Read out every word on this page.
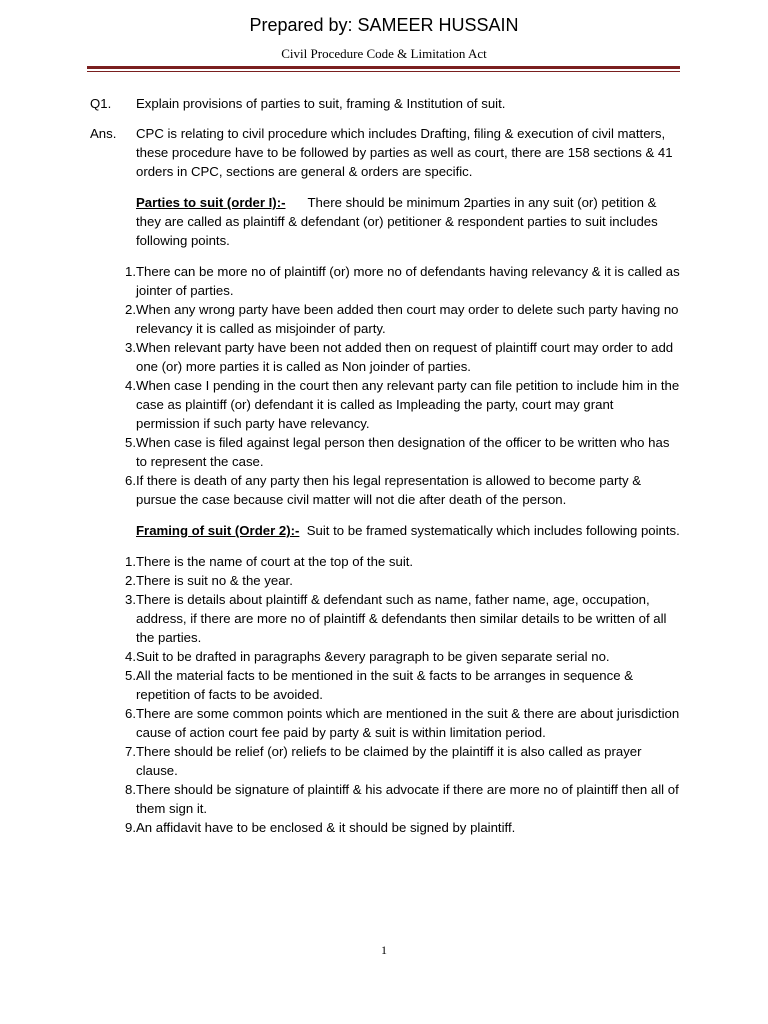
Prepared by: SAMEER HUSSAIN
Civil Procedure Code & Limitation Act
Q1.	Explain provisions of parties to suit, framing & Institution of suit.
Ans.	CPC is relating to civil procedure which includes Drafting, filing & execution of civil matters, these procedure have to be followed by parties as well as court, there are 158 sections & 41 orders in CPC, sections are general & orders are specific.
Parties to suit (order I):- There should be minimum 2parties in any suit (or) petition & they are called as plaintiff & defendant (or) petitioner & respondent parties to suit includes following points.
1. There can be more no of plaintiff (or) more no of defendants having relevancy & it is called as jointer of parties.
2. When any wrong party have been added then court may order to delete such party having no relevancy it is called as misjoinder of party.
3. When relevant party have been not added then on request of plaintiff court may order to add one (or) more parties it is called as Non joinder of parties.
4. When case I pending in the court then any relevant party can file petition to include him in the case as plaintiff (or) defendant it is called as Impleading the party, court may grant permission if such party have relevancy.
5. When case is filed against legal person then designation of the officer to be written who has to represent the case.
6. If there is death of any party then his legal representation is allowed to become party & pursue the case because civil matter will not die after death of the person.
Framing of suit (Order 2):- Suit to be framed systematically which includes following points.
1. There is the name of court at the top of the suit.
2. There is suit no & the year.
3. There is details about plaintiff & defendant such as name, father name, age, occupation, address, if there are more no of plaintiff & defendants then similar details to be written of all the parties.
4. Suit to be drafted in paragraphs &every paragraph to be given separate serial no.
5. All the material facts to be mentioned in the suit & facts to be arranges in sequence & repetition of facts to be avoided.
6. There are some common points which are mentioned in the suit & there are about jurisdiction cause of action court fee paid by party & suit is within limitation period.
7. There should be relief (or) reliefs to be claimed by the plaintiff it is also called as prayer clause.
8. There should be signature of plaintiff & his advocate if there are more no of plaintiff then all of them sign it.
9. An affidavit have to be enclosed & it should be signed by plaintiff.
1
